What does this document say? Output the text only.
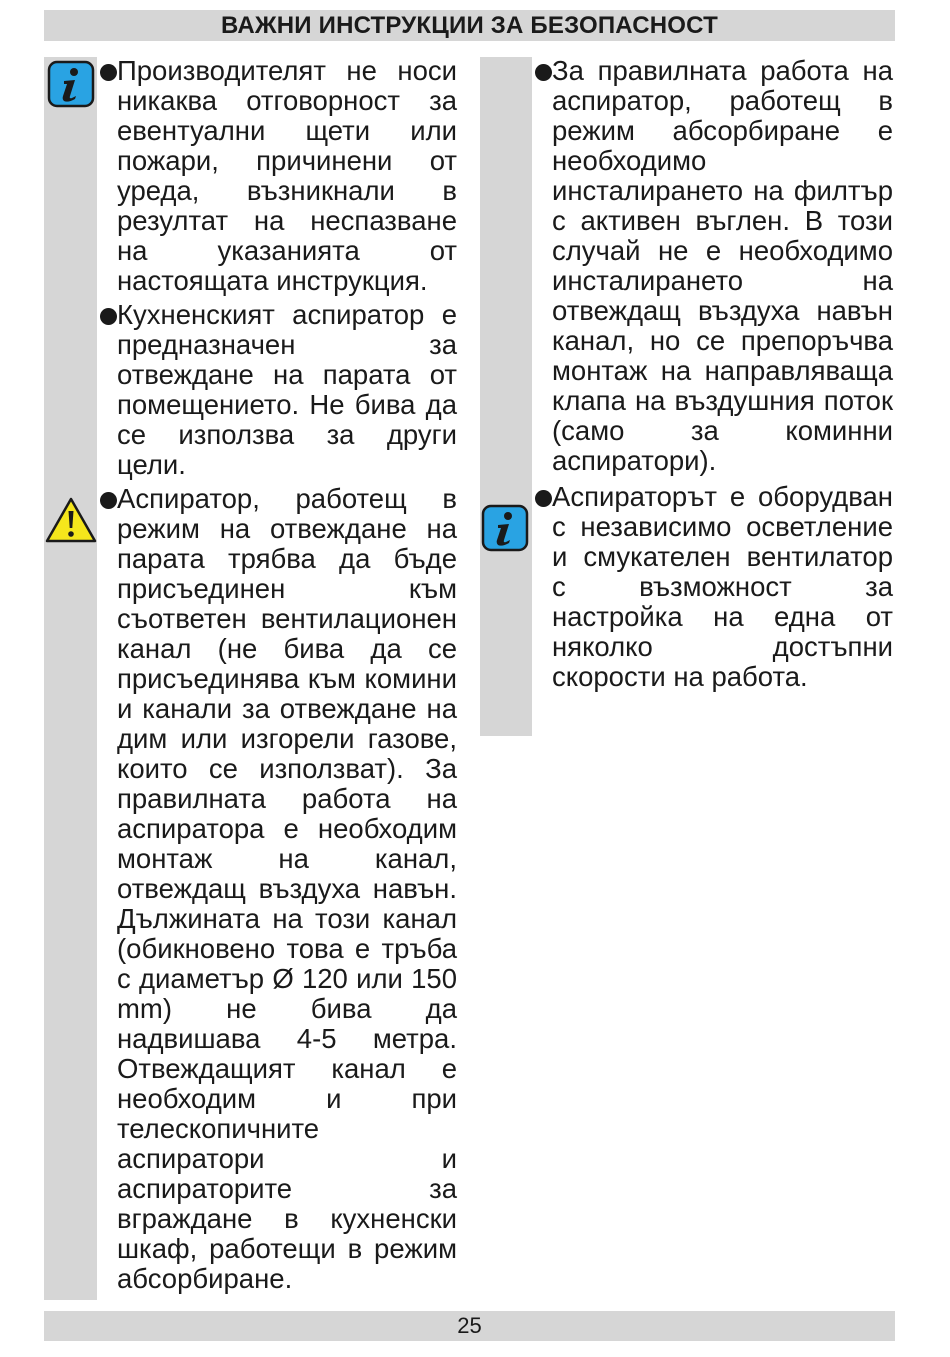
ВАЖНИ ИНСТРУКЦИИ ЗА БЕЗОПАСНОСТ

Производителят не носи никаква отговорност за евентуални щети или пожари, причинени от уреда, възникнали в резултат на неспазване на указанията от настоящата инструкция.

Кухненският аспиратор е предназначен за отвеждане на парата от помещението. Не бива да се използва за други цели.

Аспиратор, работещ в режим на отвеждане на парата трябва да бъде присъединен към съответен вентилационен канал (не бива да се присъединява към комини и канали за отвеждане на дим или изгорели газове, които се използват). За правилната работа на аспиратора е необходим монтаж на канал, отвеждащ въздуха навън. Дължината на този канал (обикновено това е тръба с диаметър Ø 120 или 150 mm) не бива да надвишава 4-5 метра. Отвеждащият канал е необходим и при телескопичните аспиратори и аспираторите за вграждане в кухненски шкаф, работещи в режим абсорбиране.

За правилната работа на аспиратор, работещ в режим абсорбиране е необходимо инсталирането на филтър с активен въглен. В този случай не е необходимо инсталирането на отвеждащ въздуха навън канал, но се препоръчва монтаж на направляваща клапа на въздушния поток (само за коминни аспиратори).

Аспираторът е оборудван с независимо осветление и смукателен вентилатор с възможност за настройка на една от няколко достъпни скорости на работа.

25
